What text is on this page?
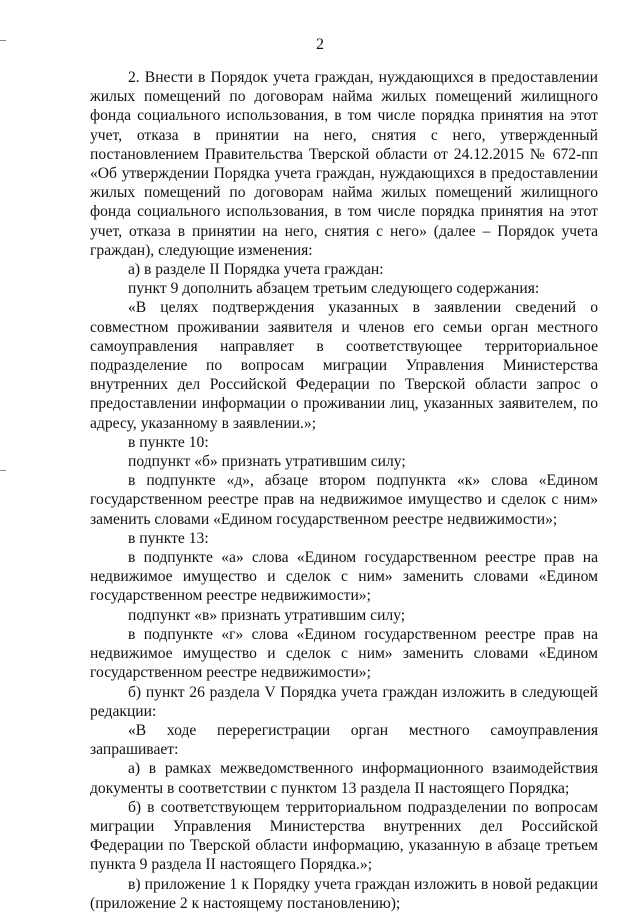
2

2. Внести в Порядок учета граждан, нуждающихся в предоставлении жилых помещений по договорам найма жилых помещений жилищного фонда социального использования, в том числе порядка принятия на этот учет, отказа в принятии на него, снятия с него, утвержденный постановлением Правительства Тверской области от 24.12.2015 № 672-пп «Об утверждении Порядка учета граждан, нуждающихся в предоставлении жилых помещений по договорам найма жилых помещений жилищного фонда социального использования, в том числе порядка принятия на этот учет, отказа в принятии на него, снятия с него» (далее – Порядок учета граждан), следующие изменения:

а) в разделе II Порядка учета граждан:

пункт 9 дополнить абзацем третьим следующего содержания:

«В целях подтверждения указанных в заявлении сведений о совместном проживании заявителя и членов его семьи орган местного самоуправления направляет в соответствующее территориальное подразделение по вопросам миграции Управления Министерства внутренних дел Российской Федерации по Тверской области запрос о предоставлении информации о проживании лиц, указанных заявителем, по адресу, указанному в заявлении.»;

в пункте 10:

подпункт «б» признать утратившим силу;

в подпункте «д», абзаце втором подпункта «к» слова «Едином государственном реестре прав на недвижимое имущество и сделок с ним» заменить словами «Едином государственном реестре недвижимости»;

в пункте 13:

в подпункте «а» слова «Едином государственном реестре прав на недвижимое имущество и сделок с ним» заменить словами «Едином государственном реестре недвижимости»;

подпункт «в» признать утратившим силу;

в подпункте «г» слова «Едином государственном реестре прав на недвижимое имущество и сделок с ним» заменить словами «Едином государственном реестре недвижимости»;

б) пункт 26 раздела V Порядка учета граждан изложить в следующей редакции:

«В ходе перерегистрации орган местного самоуправления запрашивает:

а) в рамках межведомственного информационного взаимодействия документы в соответствии с пунктом 13 раздела II настоящего Порядка;

б) в соответствующем территориальном подразделении по вопросам миграции Управления Министерства внутренних дел Российской Федерации по Тверской области информацию, указанную в абзаце третьем пункта 9 раздела II настоящего Порядка.»;

в) приложение 1 к Порядку учета граждан изложить в новой редакции (приложение 2 к настоящему постановлению);
